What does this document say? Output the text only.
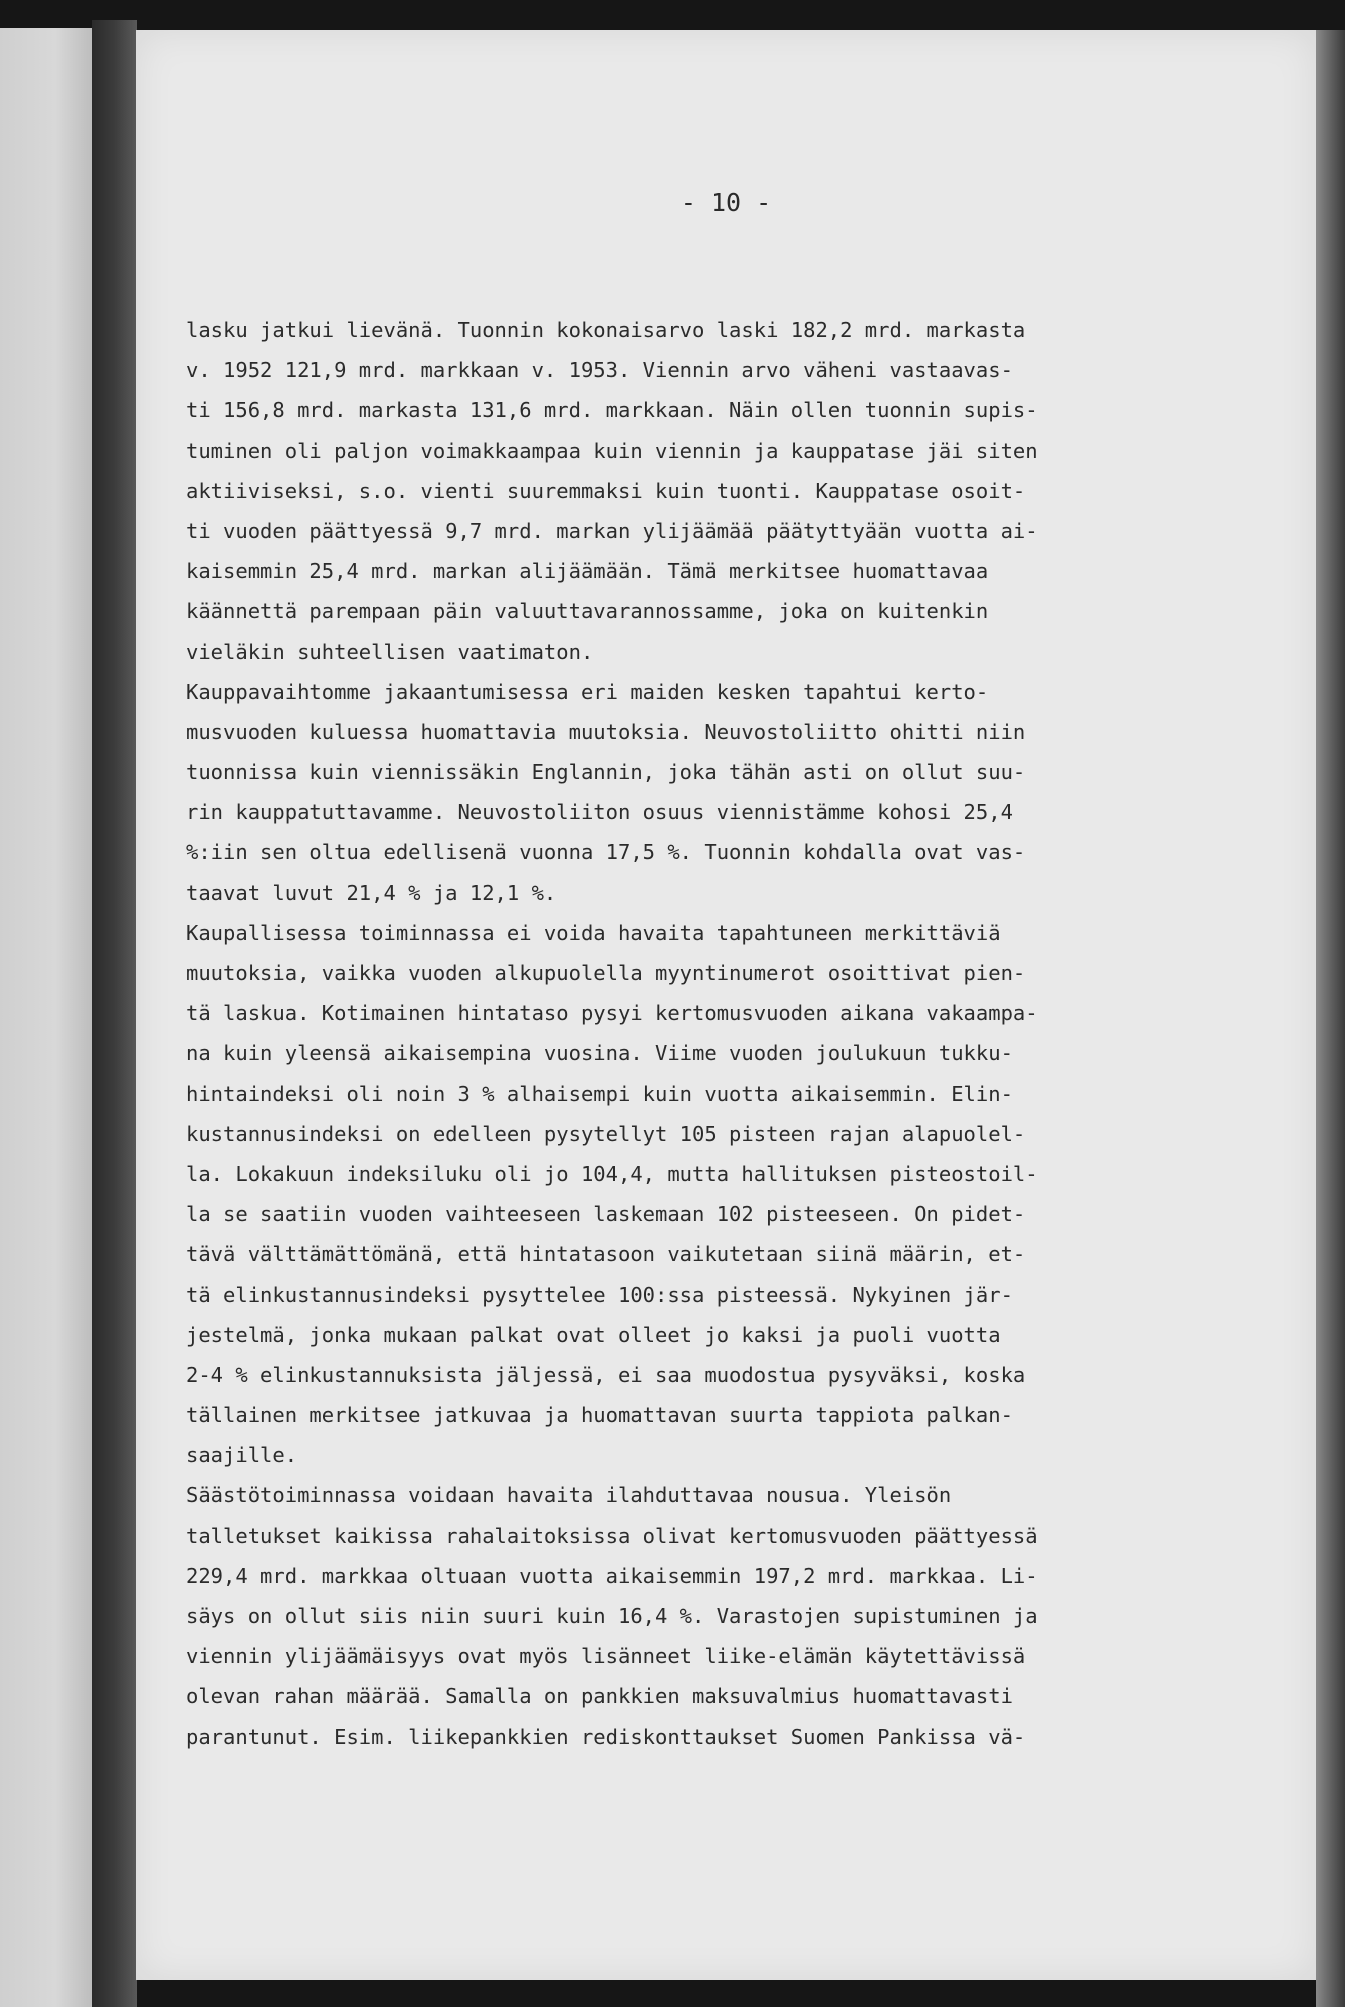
- 10 -

lasku jatkui lievänä. Tuonnin kokonaisarvo laski 182,2 mrd. markasta
v. 1952 121,9 mrd. markkaan v. 1953. Viennin arvo väheni vastaavas-
ti 156,8 mrd. markasta 131,6 mrd. markkaan. Näin ollen tuonnin supis-
tuminen oli paljon voimakkaampaa kuin viennin ja kauppatase jäi siten
aktiiviseksi, s.o. vienti suuremmaksi kuin tuonti. Kauppatase osoit-
ti vuoden päättyessä 9,7 mrd. markan ylijäämää päätyttyään vuotta ai-
kaisemmin 25,4 mrd. markan alijäämään. Tämä merkitsee huomattavaa
käännettä parempaan päin valuuttavarannossamme, joka on kuitenkin
vieläkin suhteellisen vaatimaton.
Kauppavaihtomme jakaantumisessa eri maiden kesken tapahtui kerto-
musvuoden kuluessa huomattavia muutoksia. Neuvostoliitto ohitti niin
tuonnissa kuin viennissäkin Englannin, joka tähän asti on ollut suu-
rin kauppatuttavamme. Neuvostoliiton osuus viennistämme kohosi 25,4
%:iin sen oltua edellisenä vuonna 17,5 %. Tuonnin kohdalla ovat vas-
taavat luvut 21,4 % ja 12,1 %.
Kaupallisessa toiminnassa ei voida havaita tapahtuneen merkittäviä
muutoksia, vaikka vuoden alkupuolella myyntinumerot osoittivat pien-
tä laskua. Kotimainen hintataso pysyi kertomusvuoden aikana vakaampa-
na kuin yleensä aikaisempina vuosina. Viime vuoden joulukuun tukku-
hintaindeksi oli noin 3 % alhaisempi kuin vuotta aikaisemmin. Elin-
kustannusindeksi on edelleen pysytellyt 105 pisteen rajan alapuolel-
la. Lokakuun indeksiluku oli jo 104,4, mutta hallituksen pisteostoil-
la se saatiin vuoden vaihteeseen laskemaan 102 pisteeseen. On pidet-
tävä välttämättömänä, että hintatasoon vaikutetaan siinä määrin, et-
tä elinkustannusindeksi pysyttelee 100:ssa pisteessä. Nykyinen jär-
jestelmä, jonka mukaan palkat ovat olleet jo kaksi ja puoli vuotta
2-4 % elinkustannuksista jäljessä, ei saa muodostua pysyväksi, koska
tällainen merkitsee jatkuvaa ja huomattavan suurta tappiota palkan-
saajille.
Säästötoiminnassa voidaan havaita ilahduttavaa nousua. Yleisön
talletukset kaikissa rahalaitoksissa olivat kertomusvuoden päättyessä
229,4 mrd. markkaa oltuaan vuotta aikaisemmin 197,2 mrd. markkaa. Li-
säys on ollut siis niin suuri kuin 16,4 %. Varastojen supistuminen ja
viennin ylijäämäisyys ovat myös lisänneet liike-elämän käytettävissä
olevan rahan määrää. Samalla on pankkien maksuvalmius huomattavasti
parantunut. Esim. liikepankkien rediskonttaukset Suomen Pankissa vä-
